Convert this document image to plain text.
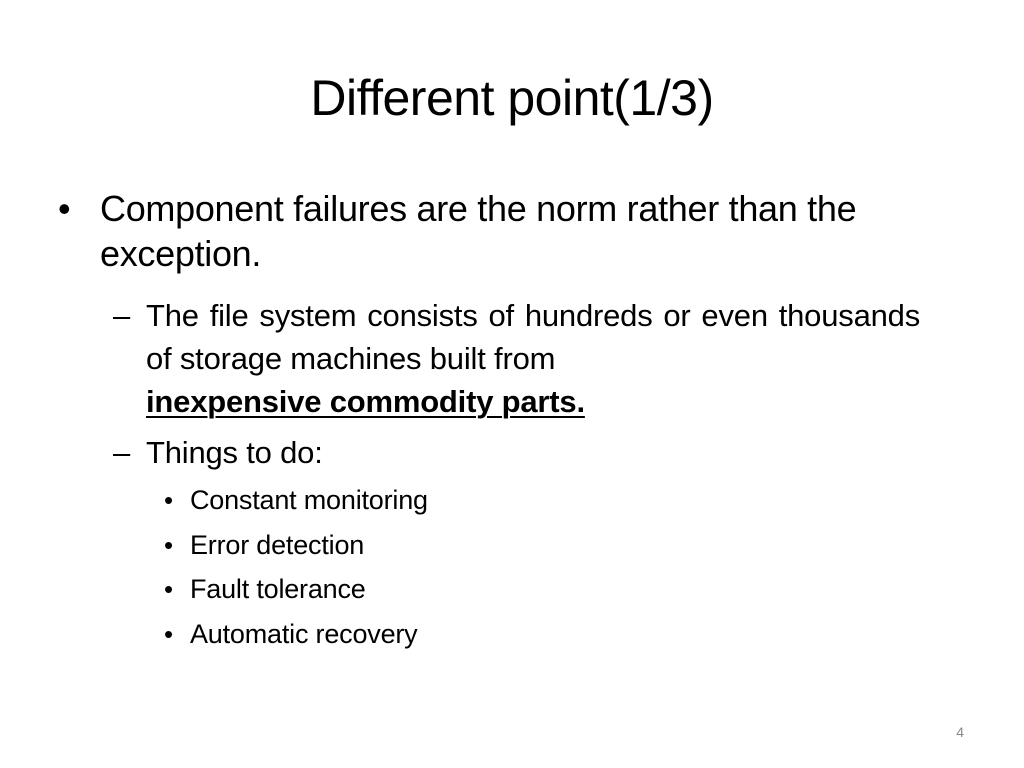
Different point(1/3)
• Component failures are the norm rather than the exception.
– The file system consists of hundreds or even thousands of storage machines built from
inexpensive commodity parts.
– Things to do:
• Constant monitoring
• Error detection
• Fault tolerance
• Automatic recovery
4
